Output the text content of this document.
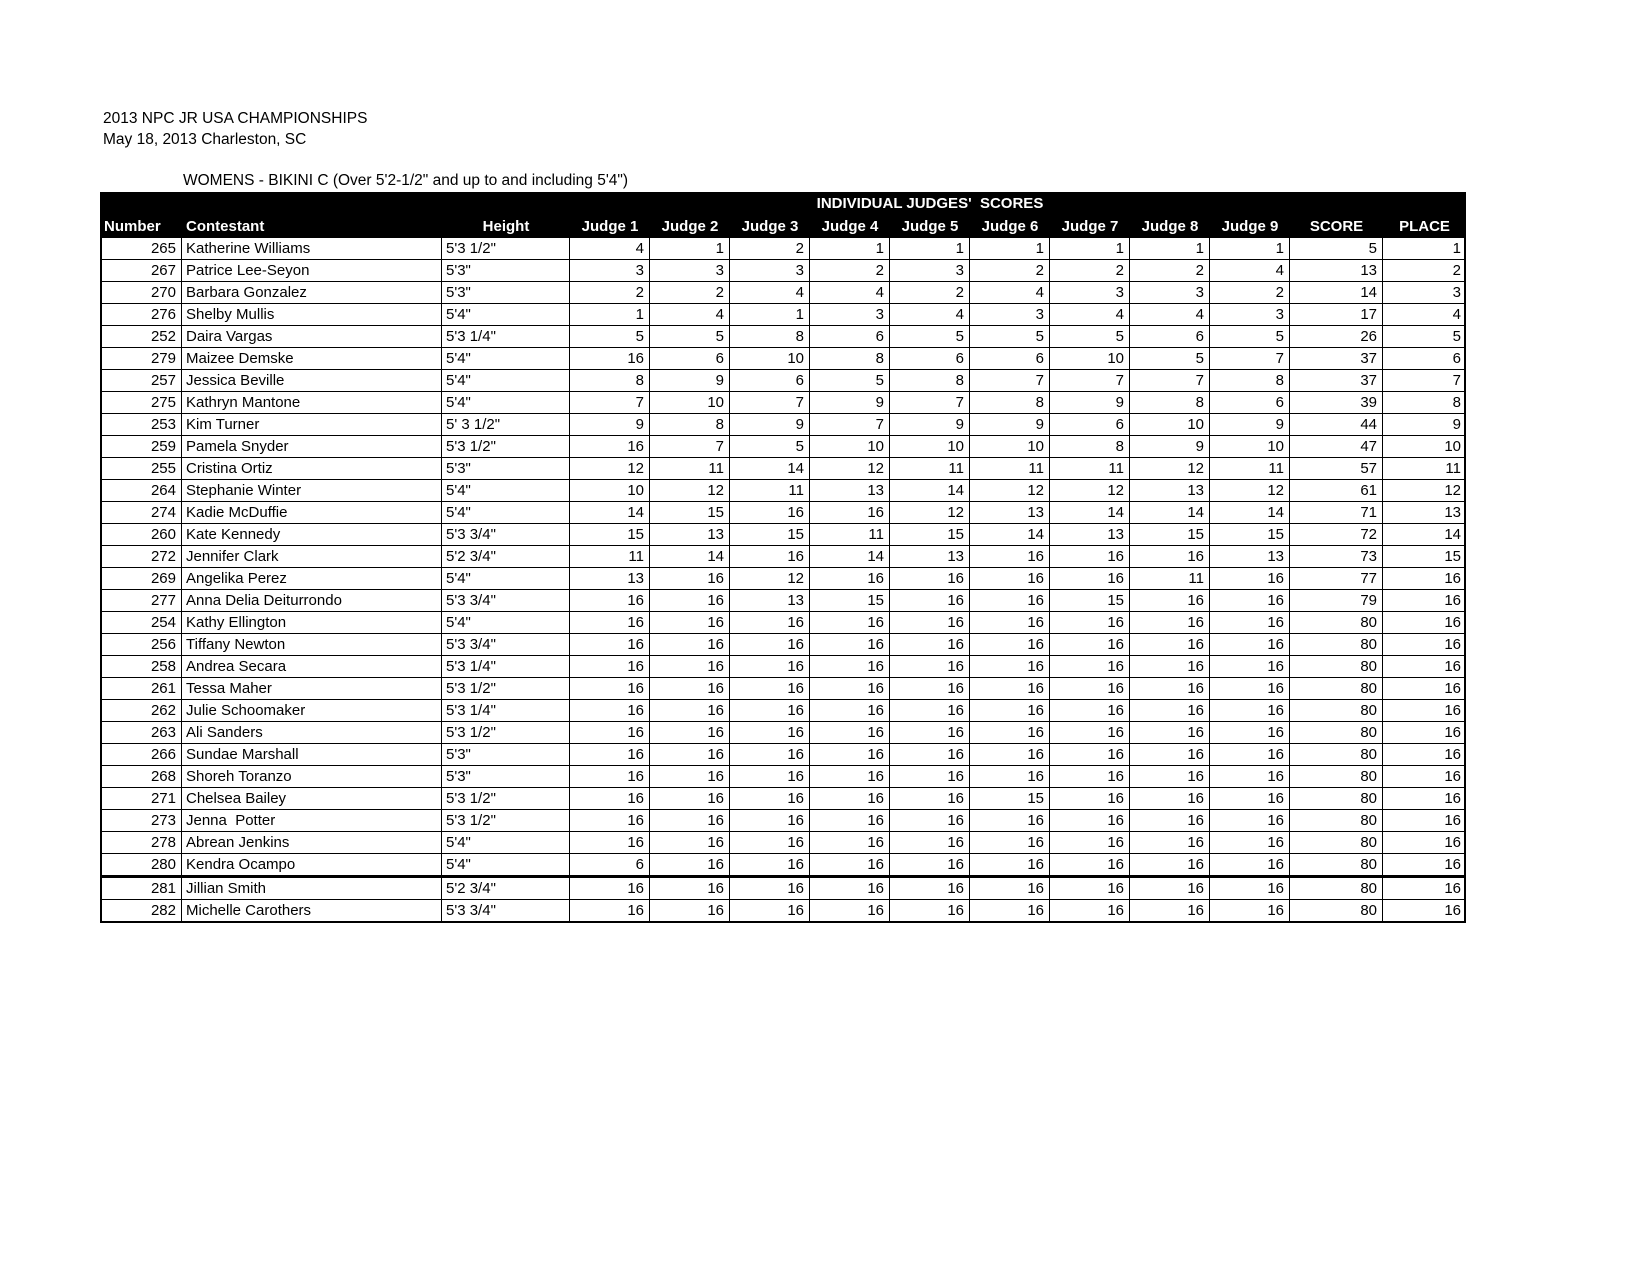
2013 NPC JR USA CHAMPIONSHIPS
May 18, 2013 Charleston, SC
WOMENS - BIKINI C (Over 5'2-1/2" and up to and including 5'4")
INDIVIDUAL JUDGES'  SCORES
Number	Contestant	Height	Judge 1	Judge 2	Judge 3	Judge 4	Judge 5	Judge 6	Judge 7	Judge 8	Judge 9	SCORE	PLACE
265 Katherine Williams	5'3 1/2"	4	1	2	1	1	1	1	1	1	5	1
267 Patrice Lee-Seyon	5'3"	3	3	3	2	3	2	2	2	4	13	2
270 Barbara Gonzalez	5'3"	2	2	4	4	2	4	3	3	2	14	3
276 Shelby Mullis	5'4"	1	4	1	3	4	3	4	4	3	17	4
252 Daira Vargas	5'3 1/4"	5	5	8	6	5	5	5	6	5	26	5
279 Maizee Demske	5'4"	16	6	10	8	6	6	10	5	7	37	6
257 Jessica Beville	5'4"	8	9	6	5	8	7	7	7	8	37	7
275 Kathryn Mantone	5'4"	7	10	7	9	7	8	9	8	6	39	8
253 Kim Turner	5' 3 1/2"	9	8	9	7	9	9	6	10	9	44	9
259 Pamela Snyder	5'3 1/2"	16	7	5	10	10	10	8	9	10	47	10
255 Cristina Ortiz	5'3"	12	11	14	12	11	11	11	12	11	57	11
264 Stephanie Winter	5'4"	10	12	11	13	14	12	12	13	12	61	12
274 Kadie McDuffie	5'4"	14	15	16	16	12	13	14	14	14	71	13
260 Kate Kennedy	5'3 3/4"	15	13	15	11	15	14	13	15	15	72	14
272 Jennifer Clark	5'2 3/4"	11	14	16	14	13	16	16	16	13	73	15
269 Angelika Perez	5'4"	13	16	12	16	16	16	16	11	16	77	16
277 Anna Delia Deiturrondo	5'3 3/4"	16	16	13	15	16	16	15	16	16	79	16
254 Kathy Ellington	5'4"	16	16	16	16	16	16	16	16	16	80	16
256 Tiffany Newton	5'3 3/4"	16	16	16	16	16	16	16	16	16	80	16
258 Andrea Secara	5'3 1/4"	16	16	16	16	16	16	16	16	16	80	16
261 Tessa Maher	5'3 1/2"	16	16	16	16	16	16	16	16	16	80	16
262 Julie Schoomaker	5'3 1/4"	16	16	16	16	16	16	16	16	16	80	16
263 Ali Sanders	5'3 1/2"	16	16	16	16	16	16	16	16	16	80	16
266 Sundae Marshall	5'3"	16	16	16	16	16	16	16	16	16	80	16
268 Shoreh Toranzo	5'3"	16	16	16	16	16	16	16	16	16	80	16
271 Chelsea Bailey	5'3 1/2"	16	16	16	16	16	15	16	16	16	80	16
273 Jenna  Potter	5'3 1/2"	16	16	16	16	16	16	16	16	16	80	16
278 Abrean Jenkins	5'4"	16	16	16	16	16	16	16	16	16	80	16
280 Kendra Ocampo	5'4"	6	16	16	16	16	16	16	16	16	80	16
281 Jillian Smith	5'2 3/4"	16	16	16	16	16	16	16	16	16	80	16
282 Michelle Carothers	5'3 3/4"	16	16	16	16	16	16	16	16	16	80	16
